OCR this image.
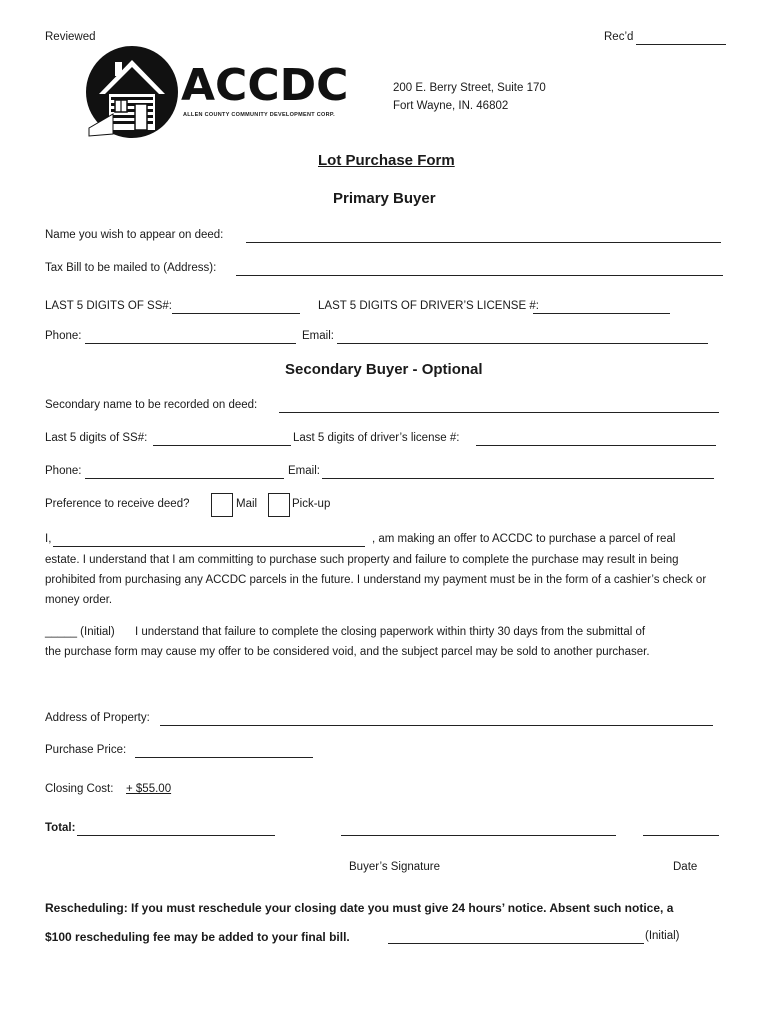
Reviewed	Rec’d
ACCDC
ALLEN COUNTY COMMUNITY DEVELOPMENT CORP.
200 E. Berry Street, Suite 170
Fort Wayne, IN. 46802
Lot Purchase Form
Primary Buyer
Name you wish to appear on deed:
Tax Bill to be mailed to (Address):
LAST 5 DIGITS OF SS#:	LAST 5 DIGITS OF DRIVER’S LICENSE #:
Phone:	Email:
Secondary Buyer - Optional
Secondary name to be recorded on deed:
Last 5 digits of SS#:	Last 5 digits of driver’s license #:
Phone:	Email:
Preference to receive deed?	Mail	Pick-up
I,	, am making an offer to ACCDC to purchase a parcel of real
estate. I understand that I am committing to purchase such property and failure to complete the purchase may result in being prohibited from purchasing any ACCDC parcels in the future. I understand my payment must be in the form of a cashier’s check or money order.
_____ (Initial) I understand that failure to complete the closing paperwork within thirty 30 days from the submittal of
the purchase form may cause my offer to be considered void, and the subject parcel may be sold to another purchaser.
Address of Property:
Purchase Price:
Closing Cost: + $55.00
Total:
Buyer’s Signature	Date
Rescheduling: If you must reschedule your closing date you must give 24 hours’ notice. Absent such notice, a
$100 rescheduling fee may be added to your final bill.	(Initial)
